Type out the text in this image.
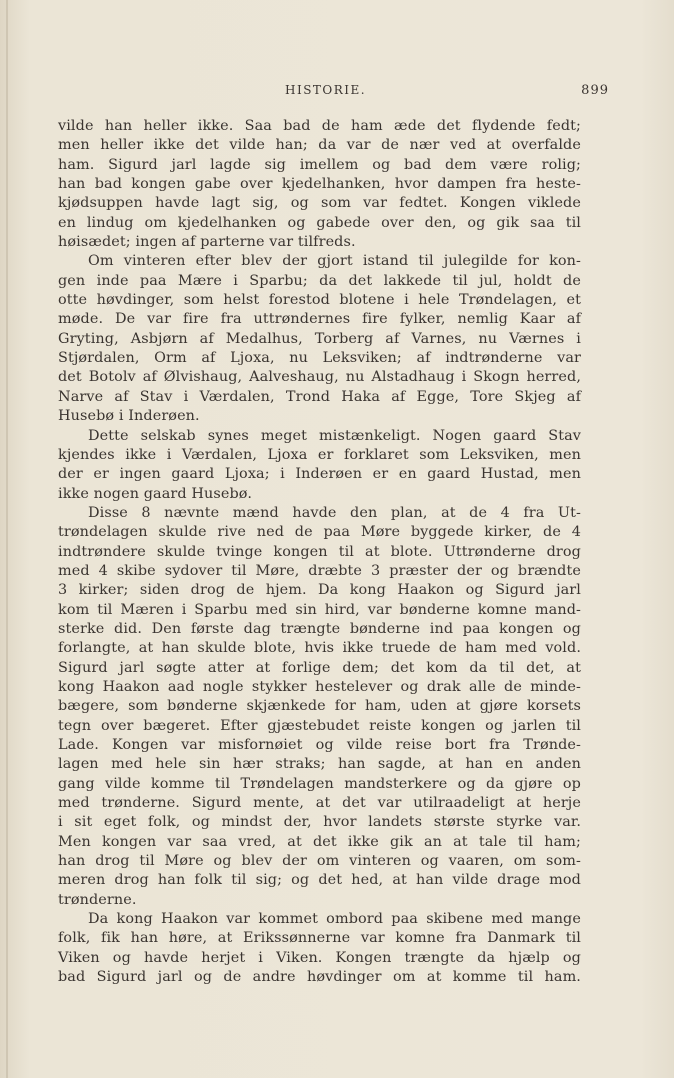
HISTORIE.	899
vilde han heller ikke. Saa bad de ham æde det flydende fedt;
men heller ikke det vilde han; da var de nær ved at overfalde
ham. Sigurd jarl lagde sig imellem og bad dem være rolig;
han bad kongen gabe over kjedelhanken, hvor dampen fra heste-
kjødsuppen havde lagt sig, og som var fedtet. Kongen viklede
en lindug om kjedelhanken og gabede over den, og gik saa til
høisædet; ingen af parterne var tilfreds.
Om vinteren efter blev der gjort istand til julegilde for kon-
gen inde paa Mære i Sparbu; da det lakkede til jul, holdt de
otte høvdinger, som helst forestod blotene i hele Trøndelagen, et
møde. De var fire fra uttrøndernes fire fylker, nemlig Kaar af
Gryting, Asbjørn af Medalhus, Torberg af Varnes, nu Værnes i
Stjørdalen, Orm af Ljoxa, nu Leksviken; af indtrønderne var
det Botolv af Ølvishaug, Aalveshaug, nu Alstadhaug i Skogn herred,
Narve af Stav i Værdalen, Trond Haka af Egge, Tore Skjeg af
Husebø i Inderøen.
Dette selskab synes meget mistænkeligt. Nogen gaard Stav
kjendes ikke i Værdalen, Ljoxa er forklaret som Leksviken, men
der er ingen gaard Ljoxa; i Inderøen er en gaard Hustad, men
ikke nogen gaard Husebø.
Disse 8 nævnte mænd havde den plan, at de 4 fra Ut-
trøndelagen skulde rive ned de paa Møre byggede kirker, de 4
indtrøndere skulde tvinge kongen til at blote. Uttrønderne drog
med 4 skibe sydover til Møre, dræbte 3 præster der og brændte
3 kirker; siden drog de hjem. Da kong Haakon og Sigurd jarl
kom til Mæren i Sparbu med sin hird, var bønderne komne mand-
sterke did. Den første dag trængte bønderne ind paa kongen og
forlangte, at han skulde blote, hvis ikke truede de ham med vold.
Sigurd jarl søgte atter at forlige dem; det kom da til det, at
kong Haakon aad nogle stykker hestelever og drak alle de minde-
bægere, som bønderne skjænkede for ham, uden at gjøre korsets
tegn over bægeret. Efter gjæstebudet reiste kongen og jarlen til
Lade. Kongen var misfornøiet og vilde reise bort fra Trønde-
lagen med hele sin hær straks; han sagde, at han en anden
gang vilde komme til Trøndelagen mandsterkere og da gjøre op
med trønderne. Sigurd mente, at det var utilraadeligt at herje
i sit eget folk, og mindst der, hvor landets største styrke var.
Men kongen var saa vred, at det ikke gik an at tale til ham;
han drog til Møre og blev der om vinteren og vaaren, om som-
meren drog han folk til sig; og det hed, at han vilde drage mod
trønderne.
Da kong Haakon var kommet ombord paa skibene med mange
folk, fik han høre, at Erikssønnerne var komne fra Danmark til
Viken og havde herjet i Viken. Kongen trængte da hjælp og
bad Sigurd jarl og de andre høvdinger om at komme til ham.
